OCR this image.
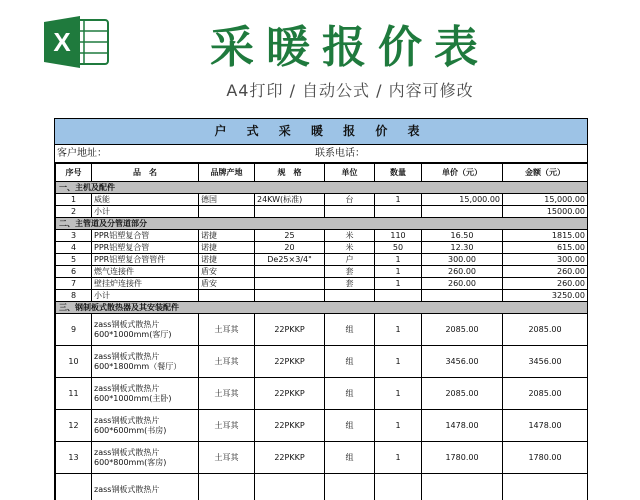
X	采暖报价表
A4打印 / 自动公式 / 内容可修改
户 式 采 暖 报 价 表
客户地址：	联系电话：
序号	品　名	品牌产地	规　格	单位	数量	单价（元）	金额（元）
一、主机及配件							
1	威能	德国	24KW(标准)	台	1	15,000.00	15,000.00
2	小计						15000.00
二、主管道及分管道部分							
3	PPR铝塑复合管	诺捷	25	米	110	16.50	1815.00
4	PPR铝塑复合管	诺捷	20	米	50	12.30	615.00
5	PPR铝塑复合管管件	诺捷	De25×3/4"	户	1	300.00	300.00
6	燃气连接件	盾安		套	1	260.00	260.00
7	壁挂炉连接件	盾安		套	1	260.00	260.00
8	小计						3250.00
三、钢制板式散热器及其安装配件							
9	zass钢板式散热片 600*1000mm(客厅)	土耳其	22PKKP	组	1	2085.00	2085.00
10	zass钢板式散热片 600*1800mm（餐厅）	土耳其	22PKKP	组	1	3456.00	3456.00
11	zass钢板式散热片 600*1000mm(主卧)	土耳其	22PKKP	组	1	2085.00	2085.00
12	zass钢板式散热片 600*600mm(书房)	土耳其	22PKKP	组	1	1478.00	1478.00
13	zass钢板式散热片 600*800mm(客房)	土耳其	22PKKP	组	1	1780.00	1780.00
	zass钢板式散热片						
